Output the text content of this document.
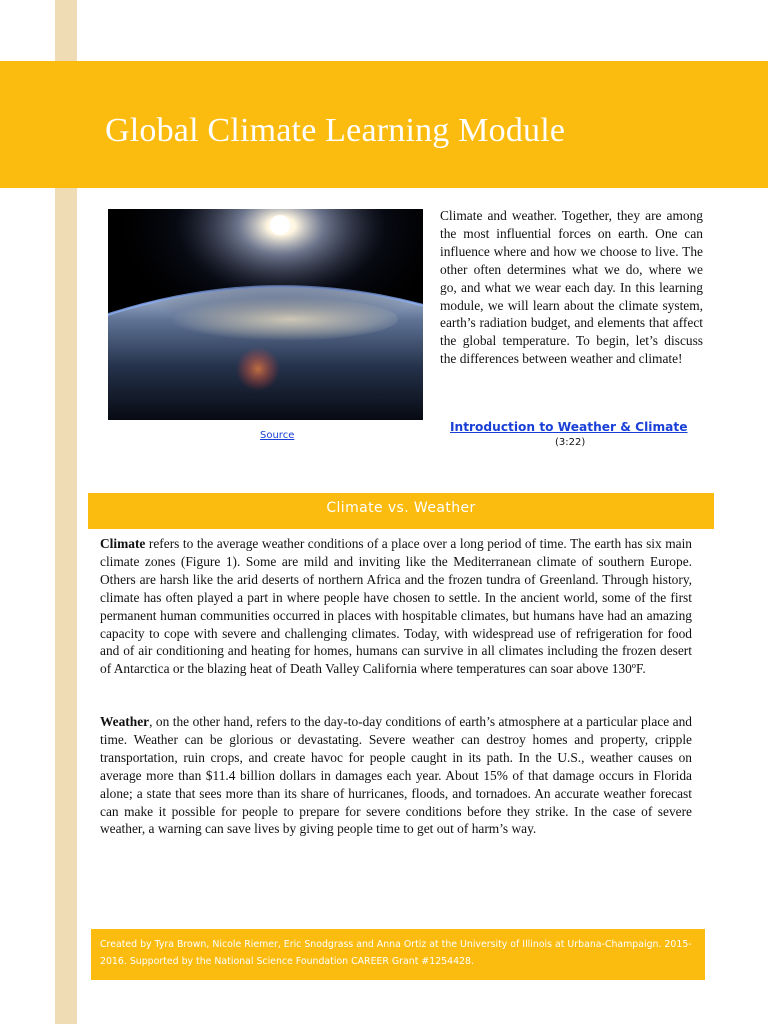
Global Climate Learning Module
Source

Climate and weather. Together, they are among the most influential forces on earth. One can influence where and how we choose to live. The other often determines what we do, where we go, and what we wear each day. In this learning module, we will learn about the climate system, earth’s radiation budget, and elements that affect the global temperature. To begin, let’s discuss the differences between weather and climate!

Introduction to Weather & Climate
(3:22)
Climate vs. Weather

Climate refers to the average weather conditions of a place over a long period of time. The earth has six main climate zones (Figure 1). Some are mild and inviting like the Mediterranean climate of southern Europe. Others are harsh like the arid deserts of northern Africa and the frozen tundra of Greenland. Through history, climate has often played a part in where people have chosen to settle. In the ancient world, some of the first permanent human communities occurred in places with hospitable climates, but humans have had an amazing capacity to cope with severe and challenging climates. Today, with widespread use of refrigeration for food and of air conditioning and heating for homes, humans can survive in all climates including the frozen desert of Antarctica or the blazing heat of Death Valley California where temperatures can soar above 130ºF.

Weather, on the other hand, refers to the day-to-day conditions of earth’s atmosphere at a particular place and time. Weather can be glorious or devastating. Severe weather can destroy homes and property, cripple transportation, ruin crops, and create havoc for people caught in its path. In the U.S., weather causes on average more than $11.4 billion dollars in damages each year. About 15% of that damage occurs in Florida alone; a state that sees more than its share of hurricanes, floods, and tornadoes. An accurate weather forecast can make it possible for people to prepare for severe conditions before they strike. In the case of severe weather, a warning can save lives by giving people time to get out of harm’s way.

Created by Tyra Brown, Nicole Riemer, Eric Snodgrass and Anna Ortiz at the University of Illinois at Urbana-Champaign. 2015-2016. Supported by the National Science Foundation CAREER Grant #1254428.
